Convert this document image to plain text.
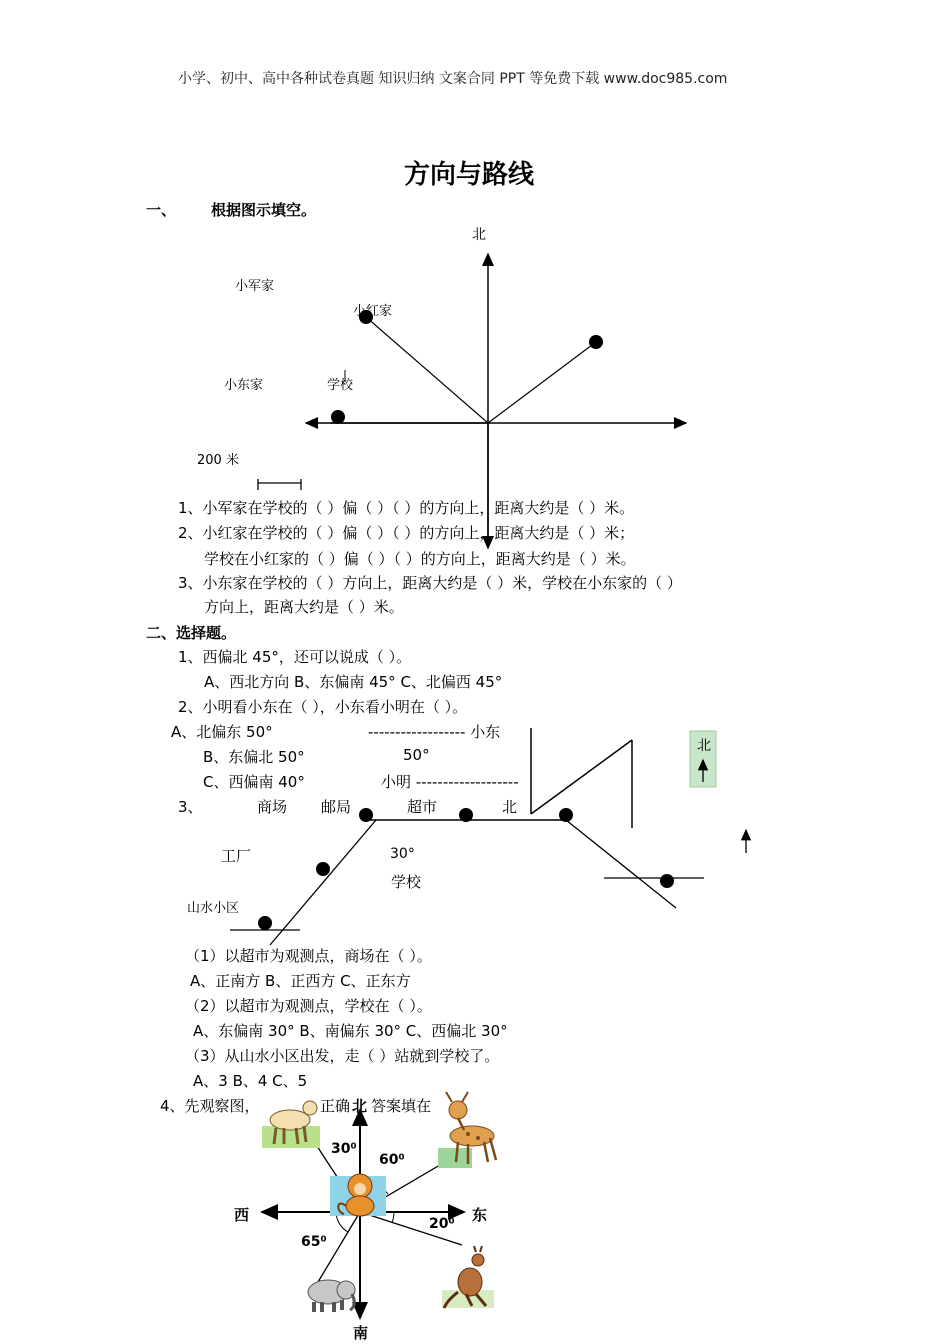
小学、初中、高中各种试卷真题 知识归纳 文案合同 PPT 等免费下载 www.doc985.com
方向与路线
一、 根据图示填空。
北
小军家
小红家
小东家	学校
200 米
1、小军家在学校的（ ）偏（ ）（ ）的方向上，距离大约是（ ）米。
2、小红家在学校的（ ）偏（ ）（ ）的方向上，距离大约是（ ）米；
学校在小红家的（ ）偏（ ）（ ）的方向上，距离大约是（ ）米。
3、小东家在学校的（ ）方向上，距离大约是（ ）米，学校在小东家的（ ）
方向上，距离大约是（ ）米。
二、选择题。
1、西偏北 45°，还可以说成（ ）。
A、西北方向 B、东偏南 45° C、北偏西 45°
2、小明看小东在（ ），小东看小明在（ ）。
A、北偏东 50°	------------------ 小东
B、东偏北 50°	50°
C、西偏南 40°	小明 -------------------
北
3、	商场 邮局	超市	北
工厂	30°
学校
山水小区
（1）以超市为观测点，商场在（ ）。
A、正南方 B、正西方 C、正东方
（2）以超市为观测点，学校在（ ）。
A、东偏南 30° B、南偏东 30° C、西偏北 30°
（3）从山水小区出发，走（ ）站就到学校了。
A、3 B、4 C、5
4、先观察图，	正确 答案填在
北
南
西	东
30⁰
60⁰
20⁰
65⁰
